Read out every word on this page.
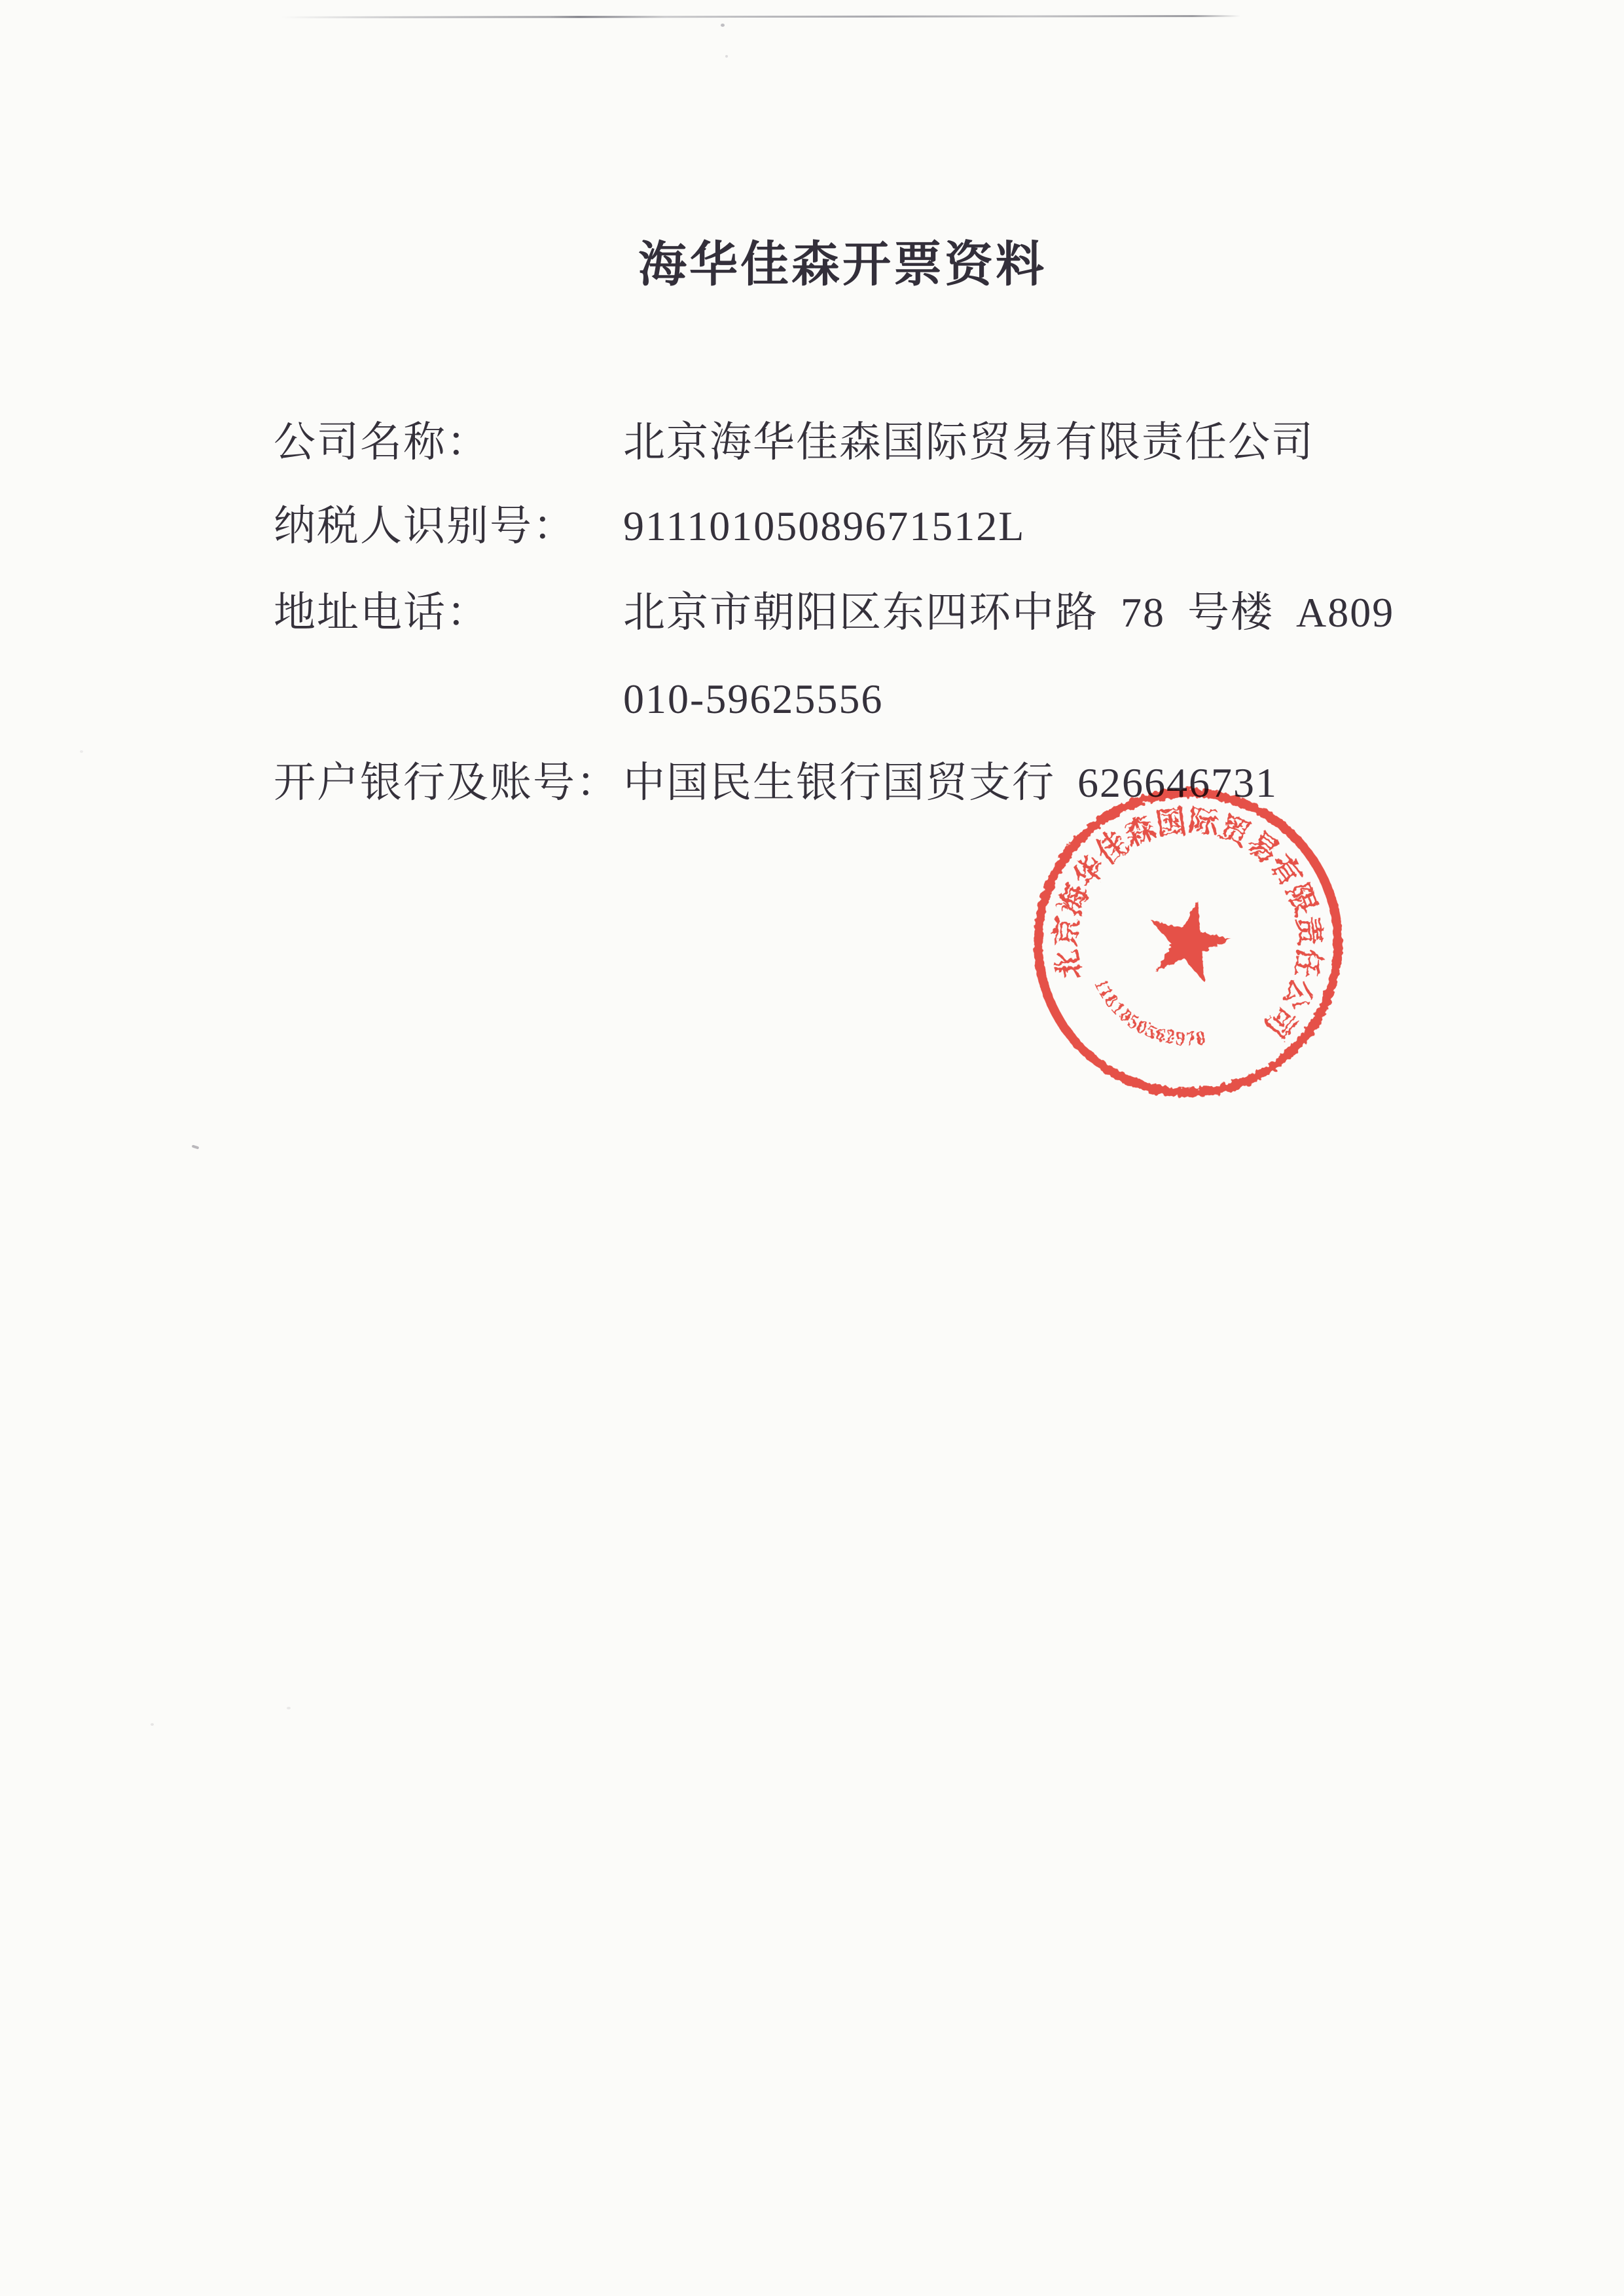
海华佳森开票资料
公司名称：	北京海华佳森国际贸易有限责任公司
纳税人识别号：	91110105089671512L
地址电话：	北京市朝阳区东四环中路 78 号楼 A809
010-59625556
开户银行及账号： 中国民生银行国贸支行 626646731
北京海华佳森国际贸易有限责任公司
1101050562978
